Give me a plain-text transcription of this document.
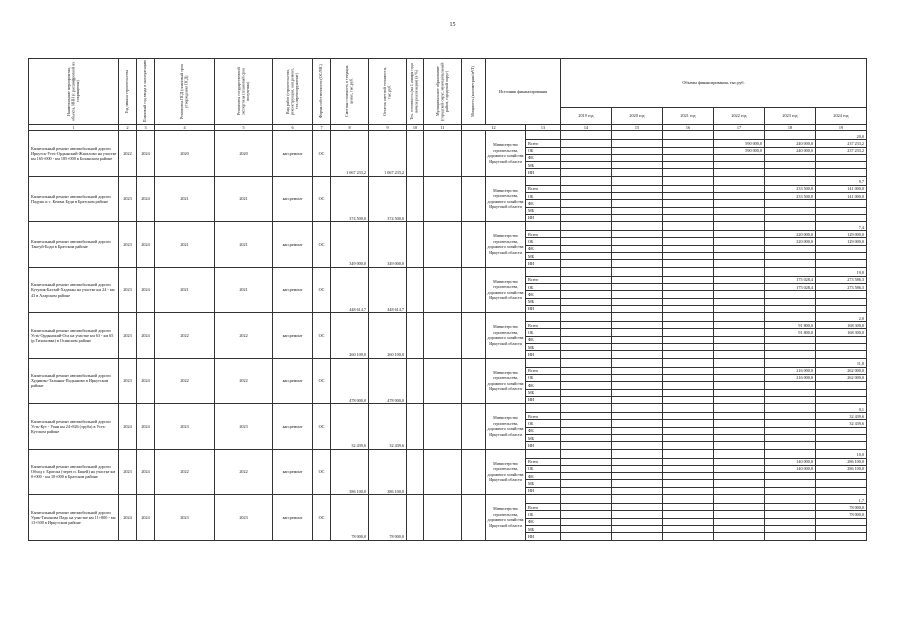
15
Наименование мероприятия, объекта, ИНН (с расшифровкой их сокращения)	Год начала строительства	Плановый год ввода в эксплуатацию	Реквизиты ПСД (плановый срок утверждения ПСД)	Реквизиты государственной экспертизы (плановый срок получения)	Вид работ (строительство, реконструкция, кап.ремонт, тех.перевооружение)	Форма собственности (ОС/МС)	Сметная стоимость в текущих ценах, тыс.руб.	Остаток сметной стоимости, тыс.руб.	Тех. готовность (на 1 января года начала реализации) (в %)	Муниципальное образование (городской округ, муниципальный район, городской округ)	Мощность (километраж/м²/Т)	Источник финансирования		Объемы финансирования, тыс.руб.					
														2019 год	2020 год	2021 год	2022 год	2023 год	2024 год
1	2	3	4	5	6	7	8	9	10	11	12		13	14	15	16	17	18	19
Капитальный ремонт автомобильной дороги Иркутск-Усть-Ордынский-Жигалово на участке км 165+000 - км 185+000 в Боханском районе	2022	2024	2020	2020	кап.ремонт	ОС	1 067 233,2	1 067 233,2				Министерство строительства, дорожного хозяйства Иркутской области							20,0
													Всего				590 000,0	240 000,0	237 233,2
													ОБ				590 000,0	240 000,0	237 233,2
													ФБ						
													МБ						
													ИИ						
Капитальный ремонт автомобильной дороги Падунь и с. Кежма Буди в Братском районе	2023	2024	2021	2021	кап.ремонт	ОС	374 500,0	374 500,0				Министерство строительства, дорожного хозяйства Иркутской области							9,7
													Всего					233 500,0	141 000,0
													ОБ					233 500,0	141 000,0
													ФБ						
													МБ						
													ИИ						
Капитальный ремонт автомобильной дороги Тангуй-Боди в Братском районе	2023	2024	2021	2021	кап.ремонт	ОС	349 000,0	349 000,0				Министерство строительства, дорожного хозяйства Иркутской области							7,4
													Всего					220 000,0	129 000,0
													ОБ					220 000,0	129 000,0
													ФБ						
													МБ						
													ИИ						
Капитальный ремонт автомобильной дороги Кутулик-Бахтай-Хадахан на участке км 24 - км 43 в Аларском районе	2023	2024	2021	2021	кап.ремонт	ОС	448 614,7	448 614,7				Министерство строительства, дорожного хозяйства Иркутской области							19,0
													Всего					175 028,4	273 586,3
													ОБ					175 028,4	273 586,3
													ФБ						
													МБ						
													ИИ						
Капитальный ремонт автомобильной дороги Усть-Ордынский-Оса на участке км 63 - км 65 (р.Тихоновка) в Осинском районе	2023	2024	2022	2022	кап.ремонт	ОС	260 100,0	260 100,0				Министерство строительства, дорожного хозяйства Иркутской области							2,0
													Всего					91 800,0	168 300,0
													ОБ					91 800,0	168 300,0
													ФБ						
													МБ						
													ИИ						
Капитальный ремонт автомобильной дороги Худяково-Тальяны-Подъяково в Иркутском районе	2023	2024	2022	2022	кап.ремонт	ОС	478 000,0	478 000,0				Министерство строительства, дорожного хозяйства Иркутской области							11,8
													Всего					216 000,0	262 000,0
													ОБ					216 000,0	262 000,0
													ФБ						
													МБ						
													ИИ						
Капитальный ремонт автомобильной дороги Усть-Кут - Уоян км 24+826 (труба) в Усть-Кутском районе	2024	2024	2023	2023	кап.ремонт	ОС	32 439,6	32 439,6				Министерство строительства, дорожного хозяйства Иркутской области							0,1
													Всего						32 439,6
													ОБ						32 439,6
													ФБ						
													МБ						
													ИИ						
Капитальный ремонт автомобильной дороги Обход г. Братска (через п. Бикей) на участке км 0+000 - км 10+000 в Братском районе	2023	2024	2022	2022	кап.ремонт	ОС	386 100,0	386 100,0				Министерство строительства, дорожного хозяйства Иркутской области							10,0
													Всего					140 000,0	286 100,0
													ОБ					140 000,0	286 100,0
													ФБ						
													МБ						
													ИИ						
Капитальный ремонт автомобильной дороги Урик-Тихонова Падь на участке км 11+800 - км 13+500 в Иркутском районе	2024	2024	2023	2023	кап.ремонт	ОС	78 000,0	78 000,0				Министерство строительства, дорожного хозяйства Иркутской области							1,7
													Всего						78 000,0
													ОБ						78 000,0
													ФБ						
													МБ						
													ИИ						
